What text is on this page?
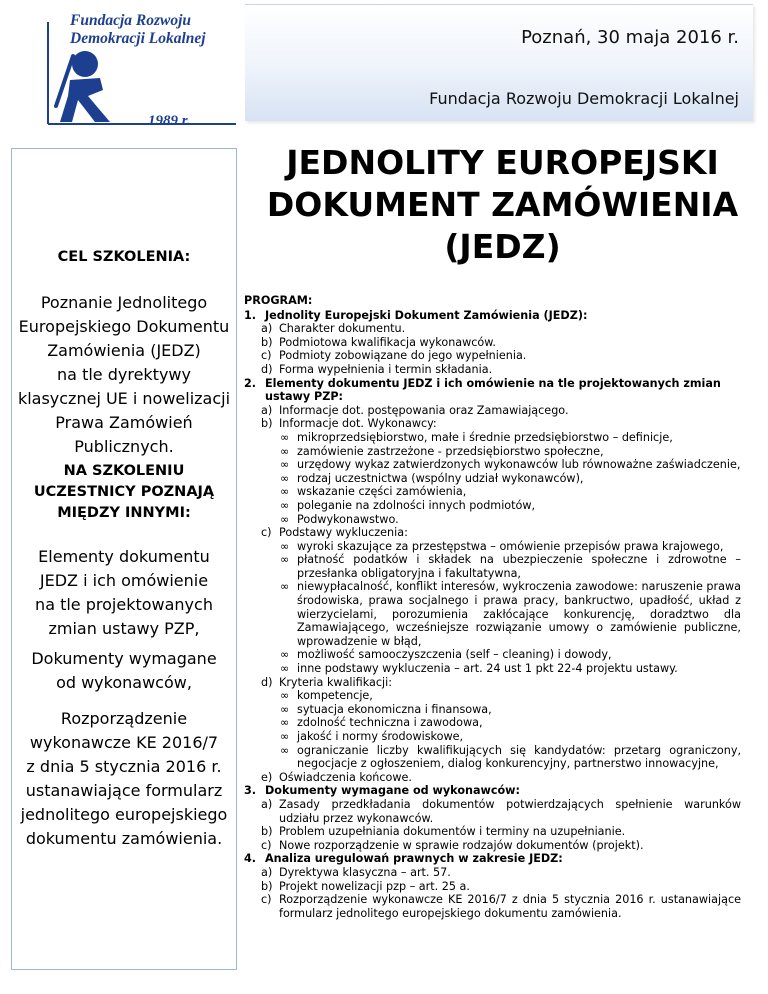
Fundacja Rozwoju
Demokracji Lokalnej
1989 r.
Poznań, 30 maja 2016 r.
Fundacja Rozwoju Demokracji Lokalnej
JEDNOLITY EUROPEJSKI
DOKUMENT ZAMÓWIENIA
(JEDZ)
CEL SZKOLENIA:
Poznanie Jednolitego
Europejskiego Dokumentu
Zamówienia (JEDZ)
na tle dyrektywy
klasycznej UE i nowelizacji
Prawa Zamówień
Publicznych.
NA SZKOLENIU
UCZESTNICY POZNAJĄ
MIĘDZY INNYMI:
Elementy dokumentu
JEDZ i ich omówienie
na tle projektowanych
zmian ustawy PZP,
Dokumenty wymagane
od wykonawców,
Rozporządzenie
wykonawcze KE 2016/7
z dnia 5 stycznia 2016 r.
ustanawiające formularz
jednolitego europejskiego
dokumentu zamówienia.
PROGRAM:
1. Jednolity Europejski Dokument Zamówienia (JEDZ):
a) Charakter dokumentu.
b) Podmiotowa kwalifikacja wykonawców.
c) Podmioty zobowiązane do jego wypełnienia.
d) Forma wypełnienia i termin składania.
2. Elementy dokumentu JEDZ i ich omówienie na tle projektowanych zmian ustawy PZP:
a) Informacje dot. postępowania oraz Zamawiającego.
b) Informacje dot. Wykonawcy:
∞ mikroprzedsiębiorstwo, małe i średnie przedsiębiorstwo – definicje,
∞ zamówienie zastrzeżone - przedsiębiorstwo społeczne,
∞ urzędowy wykaz zatwierdzonych wykonawców lub równoważne zaświadczenie,
∞ rodzaj uczestnictwa (wspólny udział wykonawców),
∞ wskazanie części zamówienia,
∞ poleganie na zdolności innych podmiotów,
∞ Podwykonawstwo.
c) Podstawy wykluczenia:
∞ wyroki skazujące za przestępstwa – omówienie przepisów prawa krajowego,
∞ płatność podatków i składek na ubezpieczenie społeczne i zdrowotne – przesłanka obligatoryjna i fakultatywna,
∞ niewypłacalność, konflikt interesów, wykroczenia zawodowe: naruszenie prawa środowiska, prawa socjalnego i prawa pracy, bankructwo, upadłość, układ z wierzycielami, porozumienia zakłócające konkurencję, doradztwo dla Zamawiającego, wcześniejsze rozwiązanie umowy o zamówienie publiczne, wprowadzenie w błąd,
∞ możliwość samooczyszczenia (self – cleaning) i dowody,
∞ inne podstawy wykluczenia – art. 24 ust 1 pkt 22-4 projektu ustawy.
d) Kryteria kwalifikacji:
∞ kompetencje,
∞ sytuacja ekonomiczna i finansowa,
∞ zdolność techniczna i zawodowa,
∞ jakość i normy środowiskowe,
∞ ograniczanie liczby kwalifikujących się kandydatów: przetarg ograniczony, negocjacje z ogłoszeniem, dialog konkurencyjny, partnerstwo innowacyjne,
e) Oświadczenia końcowe.
3. Dokumenty wymagane od wykonawców:
a) Zasady przedkładania dokumentów potwierdzających spełnienie warunków udziału przez wykonawców.
b) Problem uzupełniania dokumentów i terminy na uzupełnianie.
c) Nowe rozporządzenie w sprawie rodzajów dokumentów (projekt).
4. Analiza uregulowań prawnych w zakresie JEDZ:
a) Dyrektywa klasyczna – art. 57.
b) Projekt nowelizacji pzp – art. 25 a.
c) Rozporządzenie wykonawcze KE 2016/7 z dnia 5 stycznia 2016 r. ustanawiające formularz jednolitego europejskiego dokumentu zamówienia.
